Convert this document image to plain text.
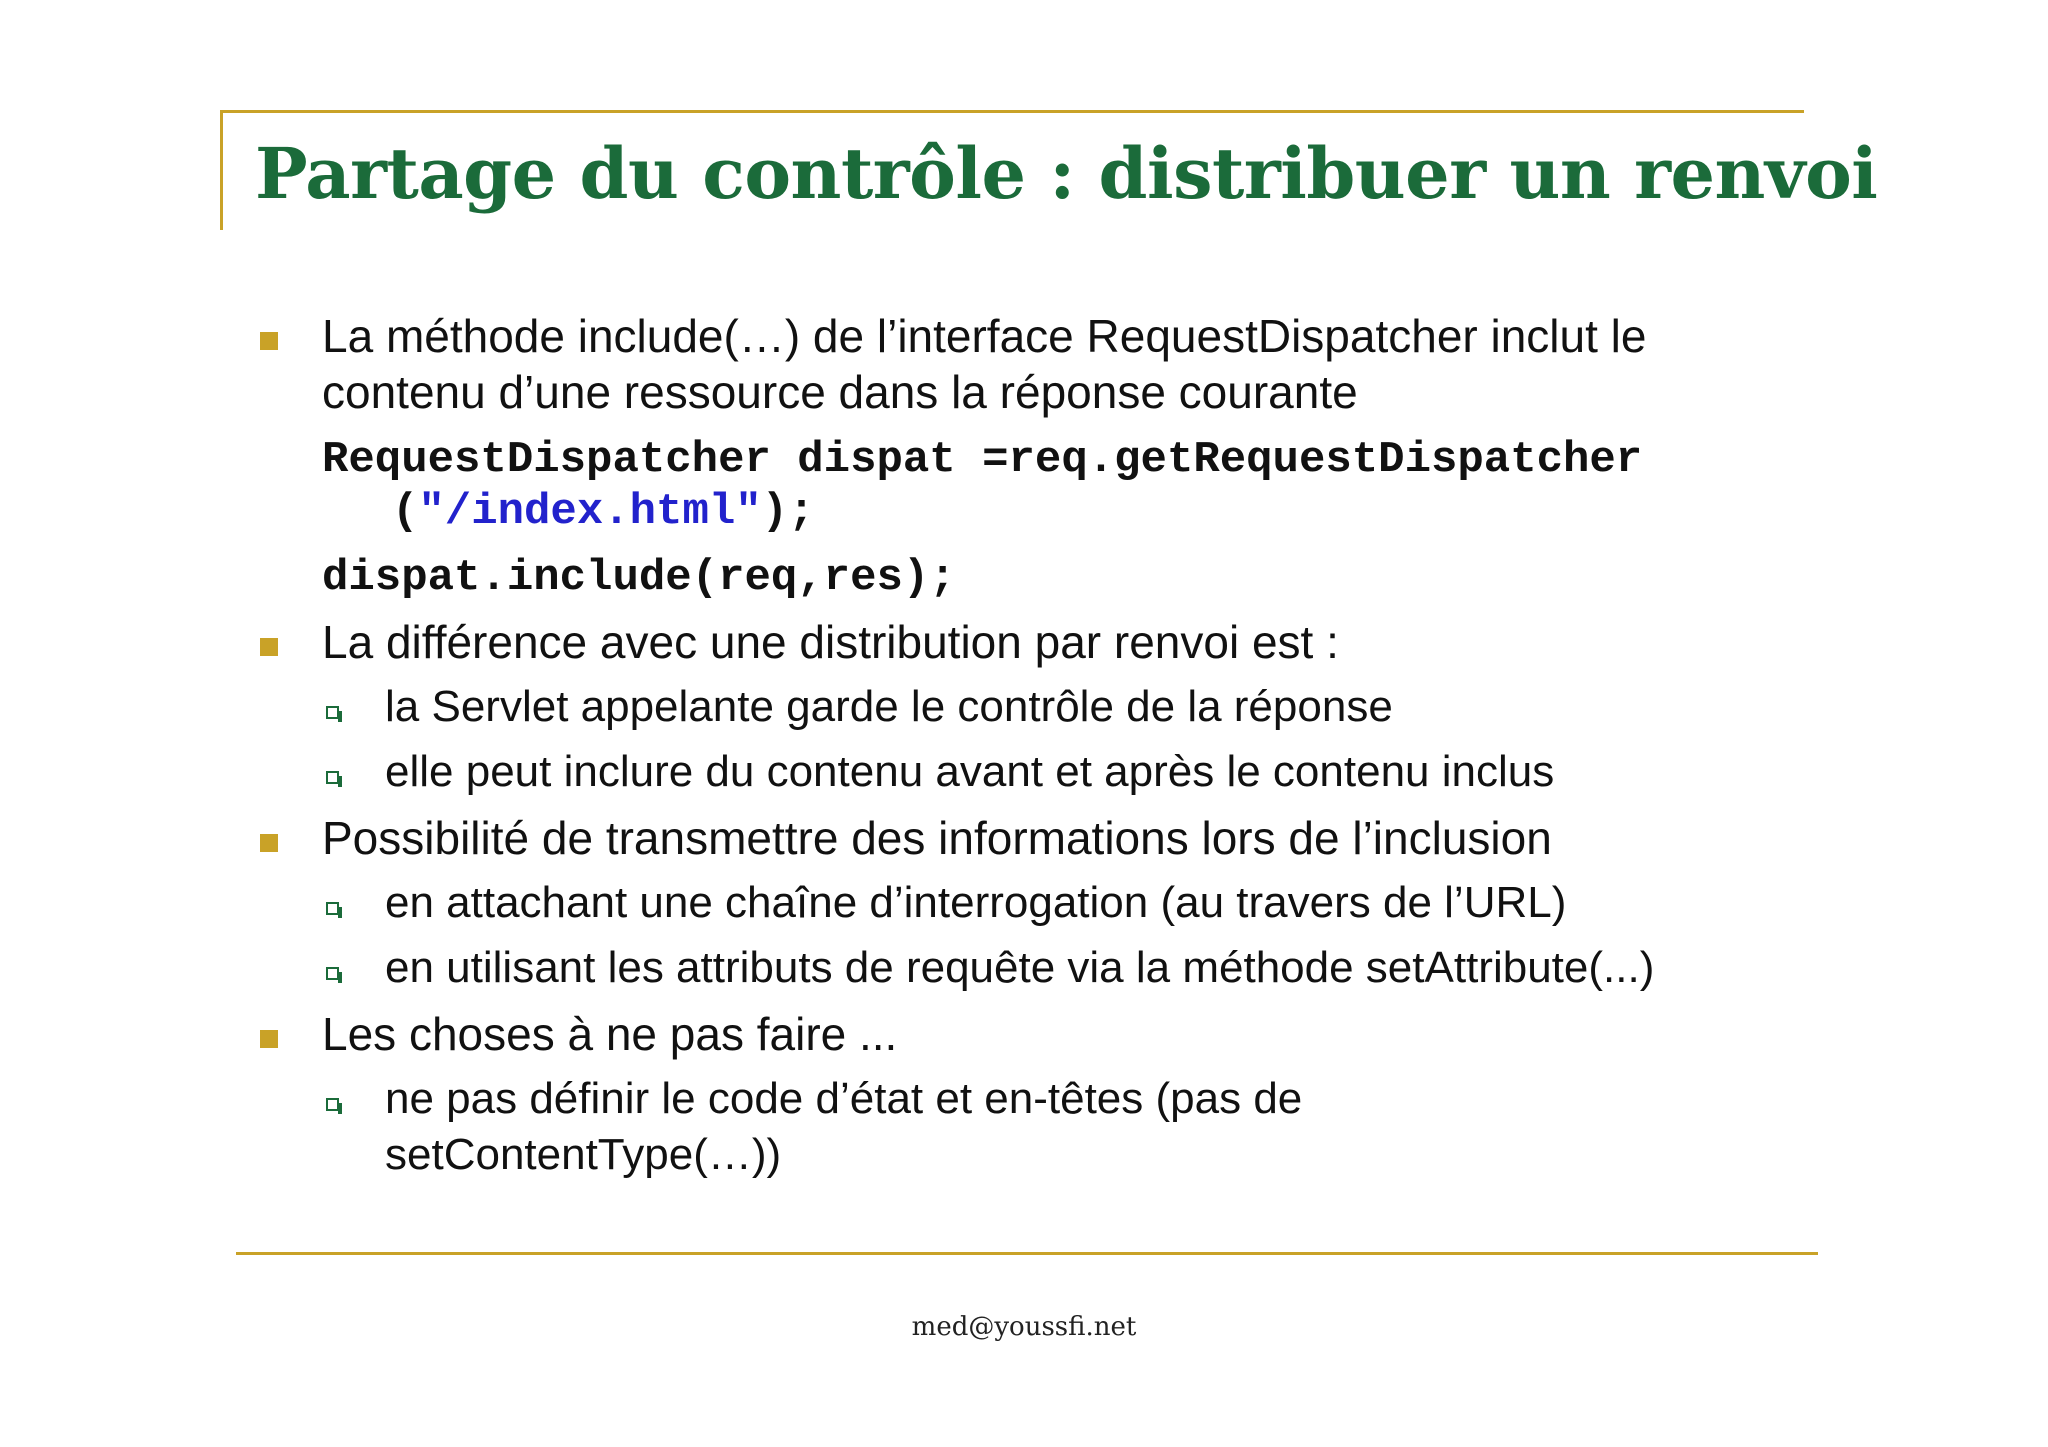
Partage du contrôle : distribuer un renvoi
La méthode include(…) de l’interface RequestDispatcher inclut le
contenu d’une ressource dans la réponse courante
RequestDispatcher dispat =req.getRequestDispatcher
("/index.html");
dispat.include(req,res);
La différence avec une distribution par renvoi est :
la Servlet appelante garde le contrôle de la réponse
elle peut inclure du contenu avant et après le contenu inclus
Possibilité de transmettre des informations lors de l’inclusion
en attachant une chaîne d’interrogation (au travers de l’URL)
en utilisant les attributs de requête via la méthode setAttribute(...)
Les choses à ne pas faire ...
ne pas définir le code d’état et en-têtes (pas de
setContentType(…))
med@youssfi.net
